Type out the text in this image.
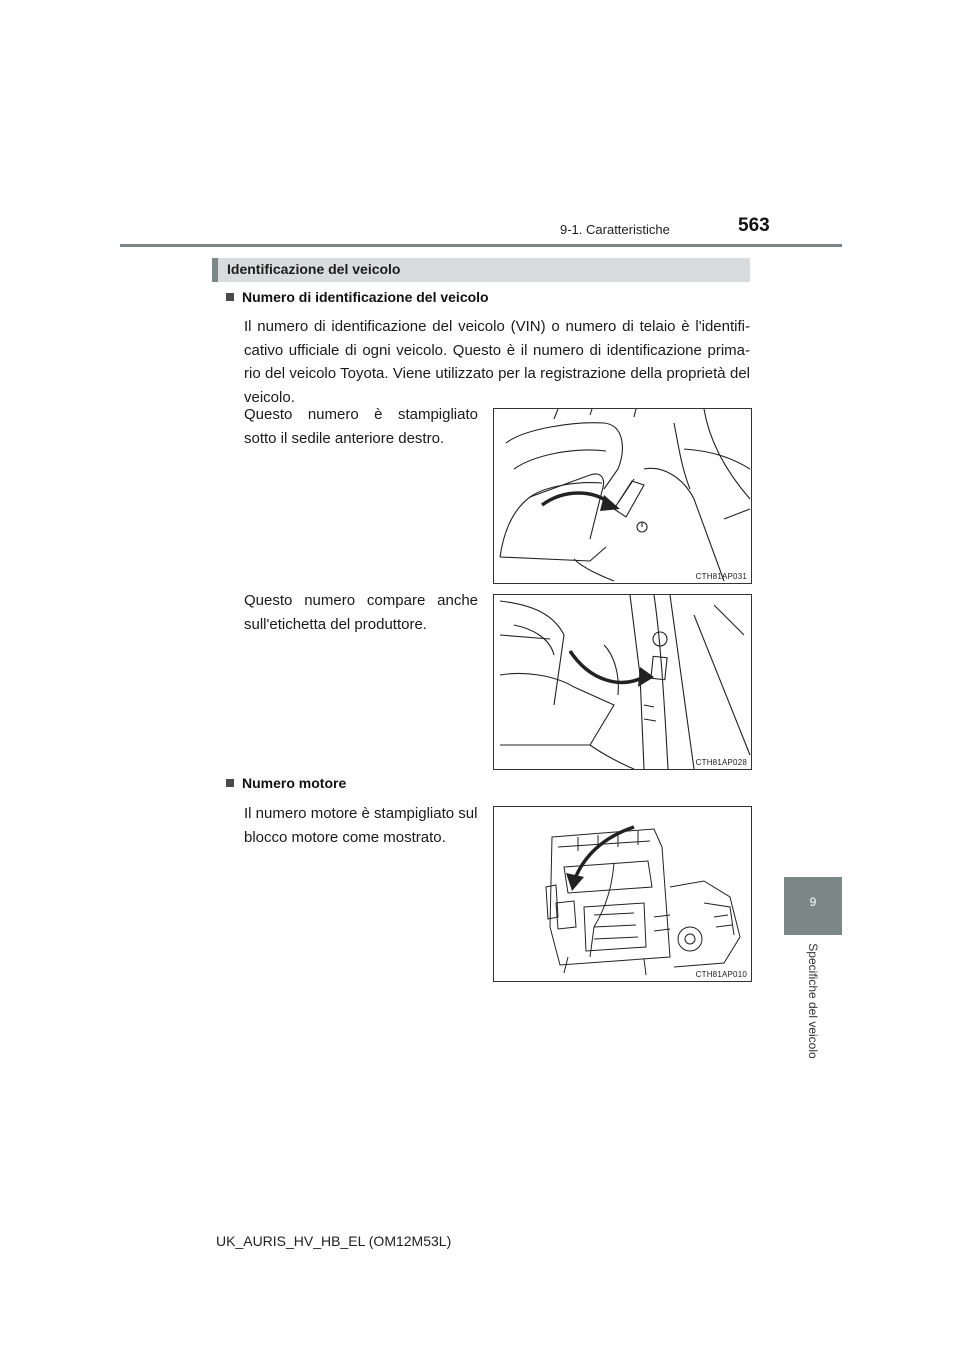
9-1. Caratteristiche	563
9
Specifiche del veicolo
Identificazione del veicolo
Numero di identificazione del veicolo
Il numero di identificazione del veicolo (VIN) o numero di telaio è l'identifi-cativo ufficiale di ogni veicolo. Questo è il numero di identificazione prima-rio del veicolo Toyota. Viene utilizzato per la registrazione della proprietà del veicolo.
Questo numero è stampigliato sotto il sedile anteriore destro.
CTH81AP031
Questo numero compare anche sull'etichetta del produttore.
CTH81AP028
Numero motore
Il numero motore è stampigliato sul blocco motore come mostrato.
CTH81AP010
UK_AURIS_HV_HB_EL (OM12M53L)
